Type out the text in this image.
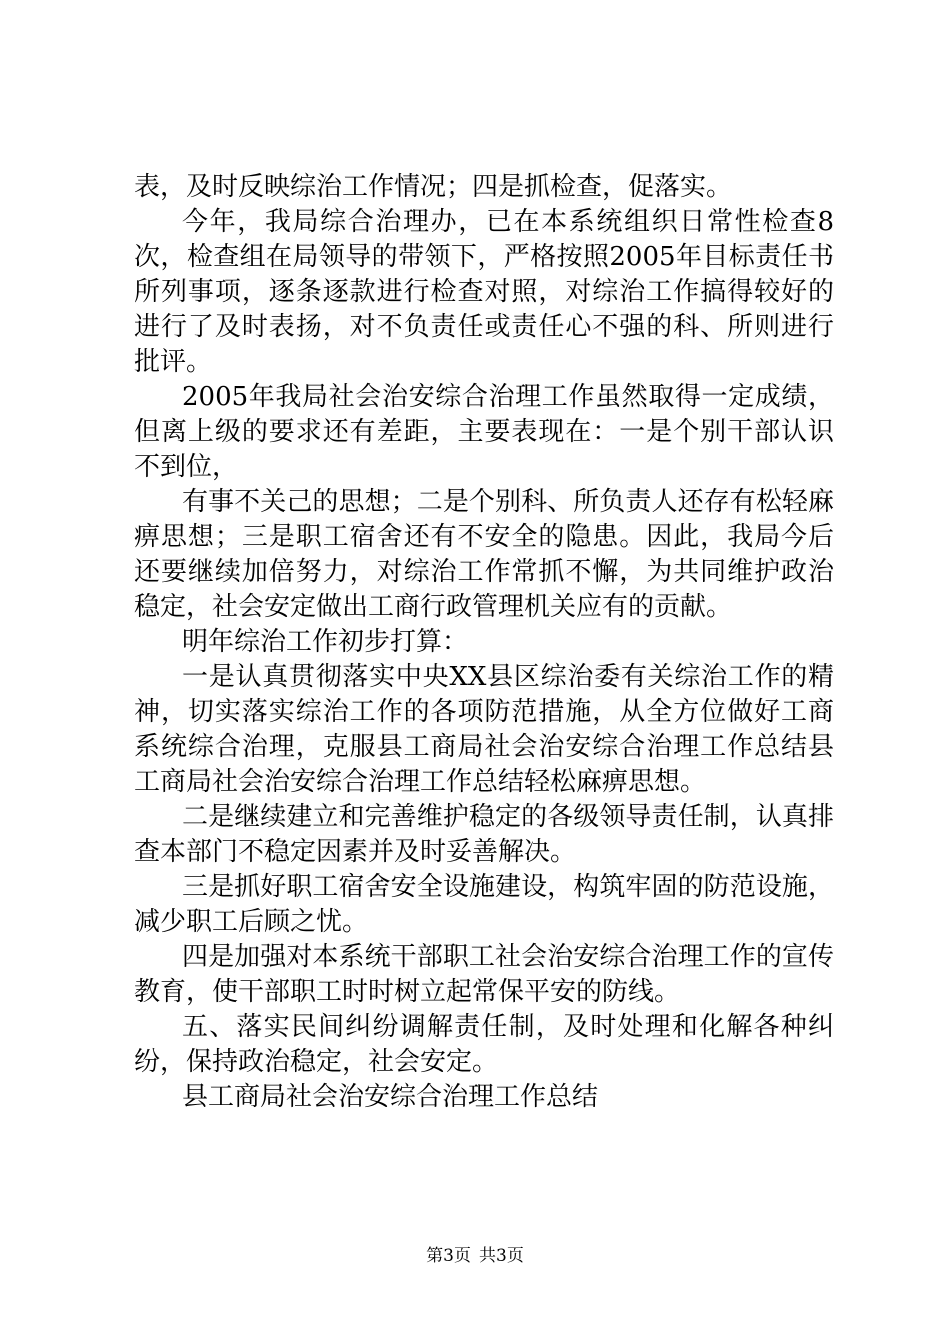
表，及时反映综治工作情况；四是抓检查，促落实。

今年，我局综合治理办，已在本系统组织日常性检查8次，检查组在局领导的带领下，严格按照2005年目标责任书所列事项，逐条逐款进行检查对照，对综治工作搞得较好的进行了及时表扬，对不负责任或责任心不强的科、所则进行批评。

2005年我局社会治安综合治理工作虽然取得一定成绩，但离上级的要求还有差距，主要表现在：一是个别干部认识不到位，

有事不关己的思想；二是个别科、所负责人还存有松轻麻痹思想；三是职工宿舍还有不安全的隐患。因此，我局今后还要继续加倍努力，对综治工作常抓不懈，为共同维护政治稳定，社会安定做出工商行政管理机关应有的贡献。

明年综治工作初步打算：

一是认真贯彻落实中央XX县区综治委有关综治工作的精神，切实落实综治工作的各项防范措施，从全方位做好工商系统综合治理，克服县工商局社会治安综合治理工作总结县工商局社会治安综合治理工作总结轻松麻痹思想。

二是继续建立和完善维护稳定的各级领导责任制，认真排查本部门不稳定因素并及时妥善解决。

三是抓好职工宿舍安全设施建设，构筑牢固的防范设施，减少职工后顾之忧。

四是加强对本系统干部职工社会治安综合治理工作的宣传教育，使干部职工时时树立起常保平安的防线。

五、落实民间纠纷调解责任制，及时处理和化解各种纠纷，保持政治稳定，社会安定。

县工商局社会治安综合治理工作总结

第3页 共3页
